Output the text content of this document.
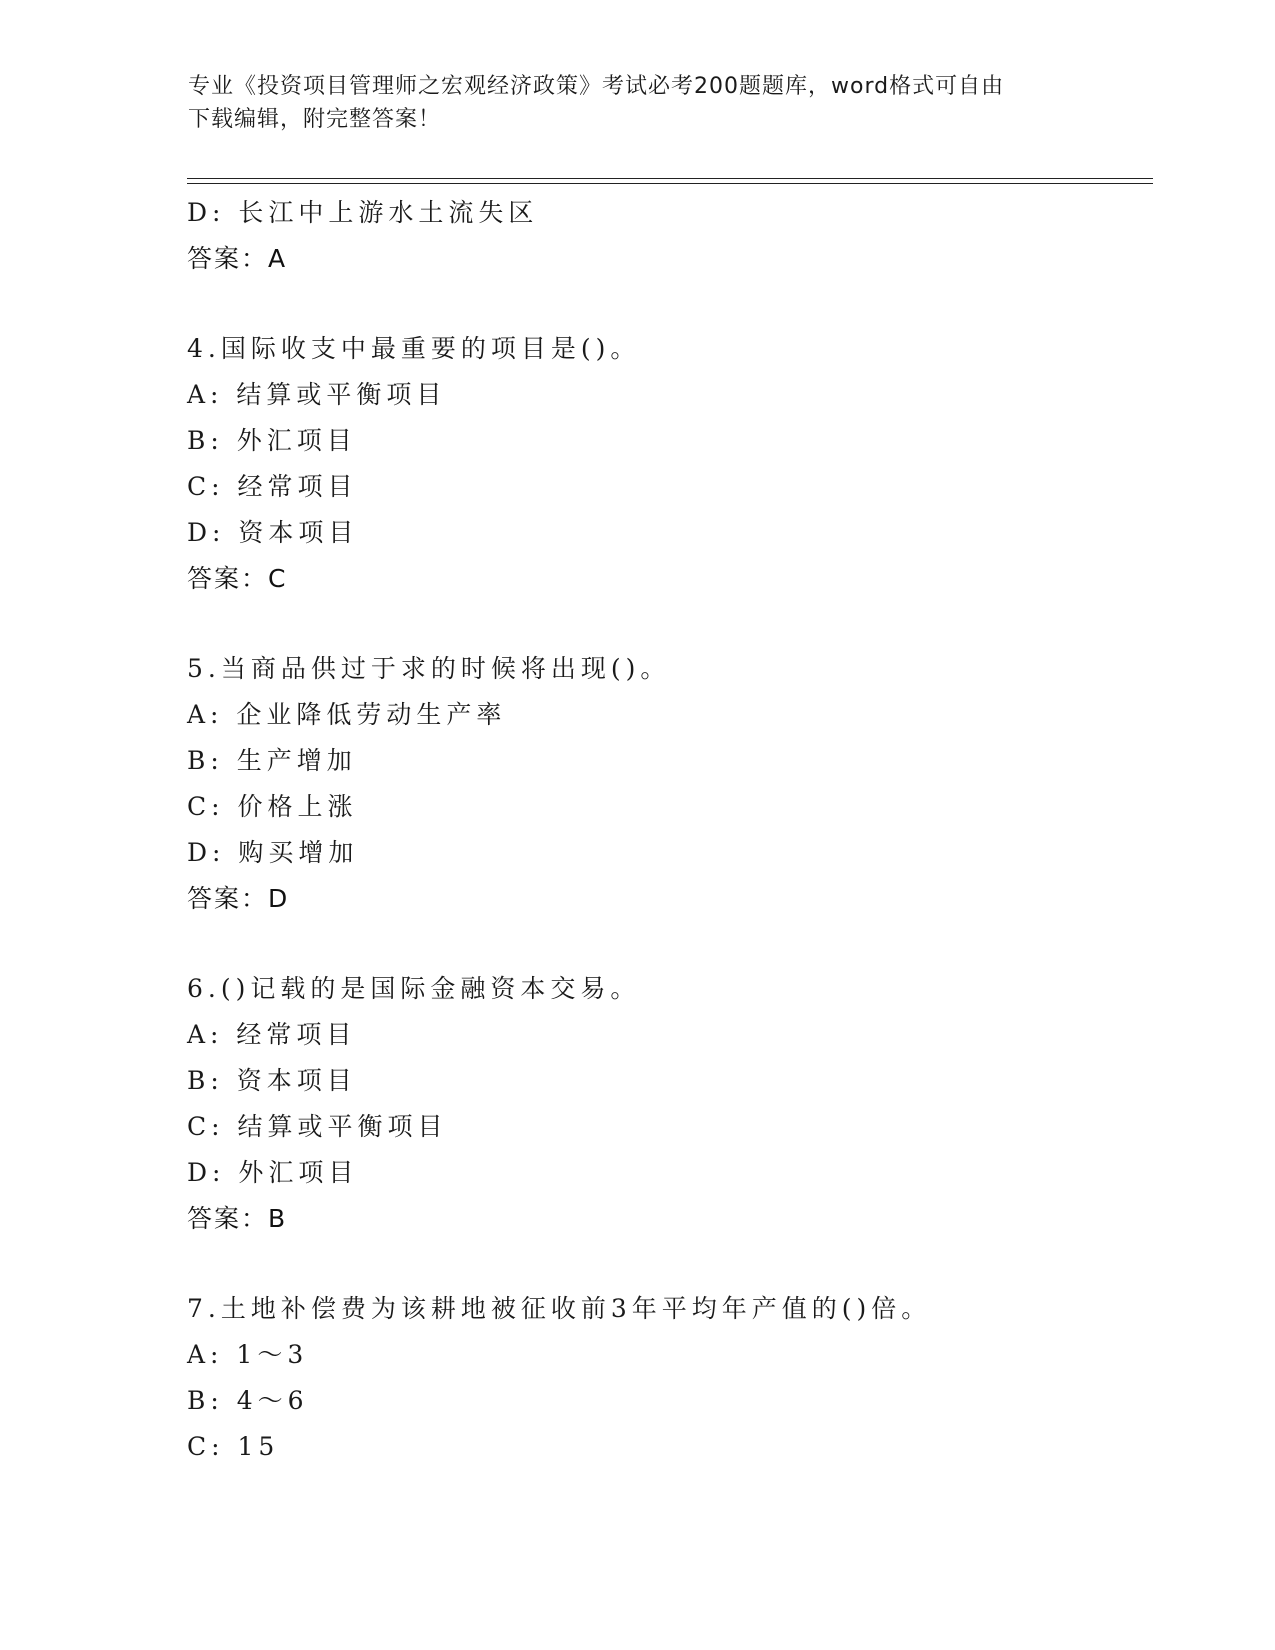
专业《投资项目管理师之宏观经济政策》考试必考200题题库，word格式可自由
下载编辑，附完整答案！
D: 长江中上游水土流失区
答案：A
4.国际收支中最重要的项目是()。
A: 结算或平衡项目
B: 外汇项目
C: 经常项目
D: 资本项目
答案：C
5.当商品供过于求的时候将出现()。
A: 企业降低劳动生产率
B: 生产增加
C: 价格上涨
D: 购买增加
答案：D
6.()记载的是国际金融资本交易。
A: 经常项目
B: 资本项目
C: 结算或平衡项目
D: 外汇项目
答案：B
7.土地补偿费为该耕地被征收前3年平均年产值的()倍。
A: 1～3
B: 4～6
C: 15
